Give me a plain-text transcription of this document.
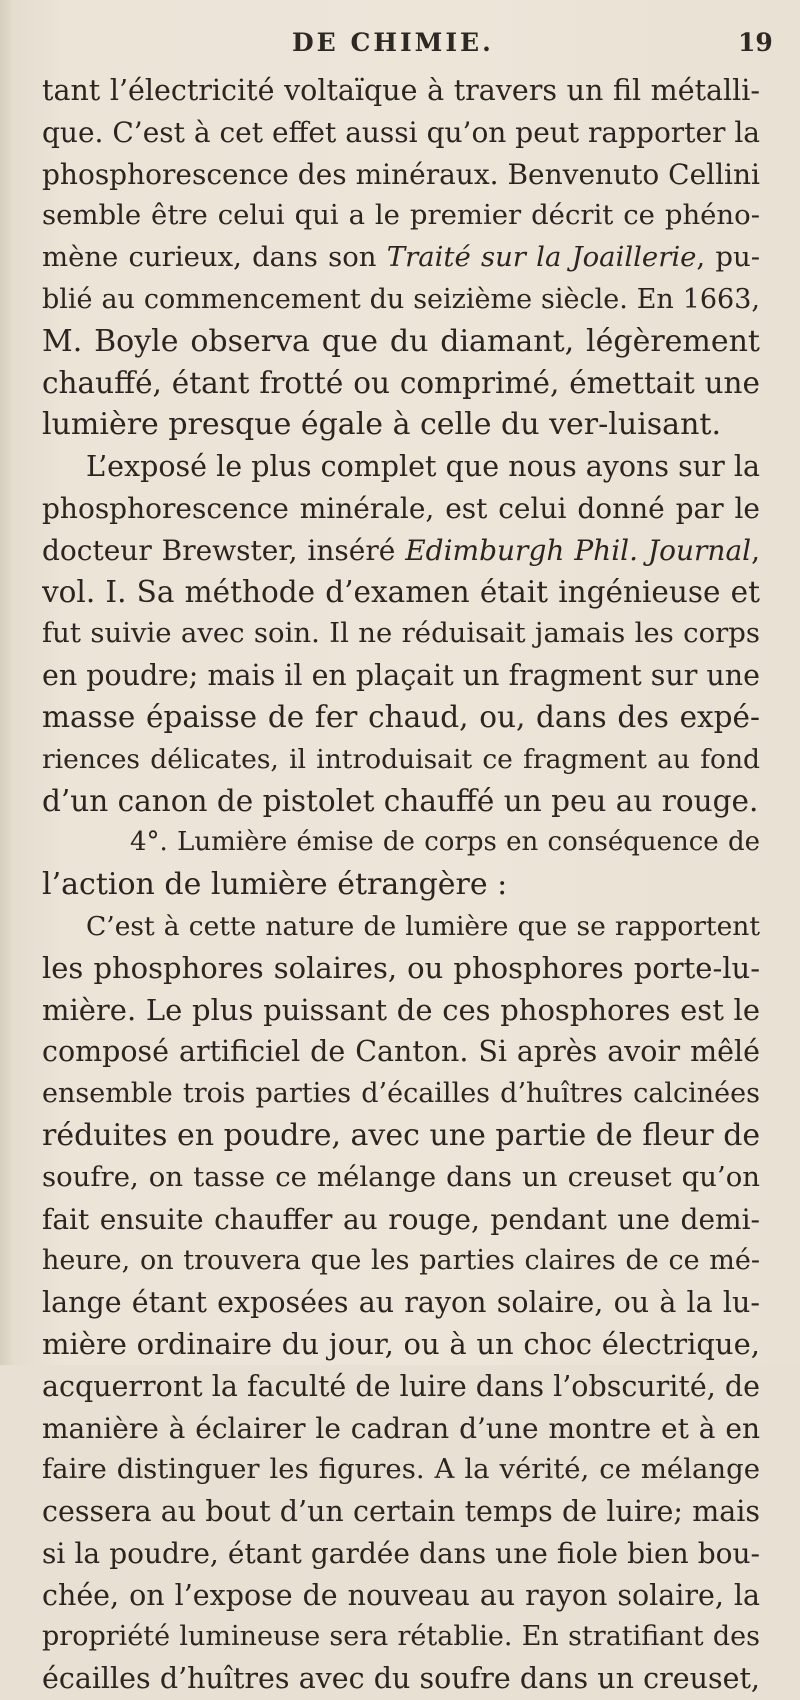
DE CHIMIE.	19
tant l’électricité voltaïque à travers un fil métalli-
que. C’est à cet effet aussi qu’on peut rapporter la
phosphorescence des minéraux. Benvenuto Cellini
semble être celui qui a le premier décrit ce phéno-
mène curieux, dans son Traité sur la Joaillerie, pu-
blié au commencement du seizième siècle. En 1663,
M. Boyle observa que du diamant, légèrement
chauffé, étant frotté ou comprimé, émettait une
lumière presque égale à celle du ver-luisant.
L’exposé le plus complet que nous ayons sur la
phosphorescence minérale, est celui donné par le
docteur Brewster, inséré Edimburgh Phil. Journal,
vol. I. Sa méthode d’examen était ingénieuse et
fut suivie avec soin. Il ne réduisait jamais les corps
en poudre; mais il en plaçait un fragment sur une
masse épaisse de fer chaud, ou, dans des expé-
riences délicates, il introduisait ce fragment au fond
d’un canon de pistolet chauffé un peu au rouge.
4°. Lumière émise de corps en conséquence de
l’action de lumière étrangère :
C’est à cette nature de lumière que se rapportent
les phosphores solaires, ou phosphores porte-lu-
mière. Le plus puissant de ces phosphores est le
composé artificiel de Canton. Si après avoir mêlé
ensemble trois parties d’écailles d’huîtres calcinées
réduites en poudre, avec une partie de fleur de
soufre, on tasse ce mélange dans un creuset qu’on
fait ensuite chauffer au rouge, pendant une demi-
heure, on trouvera que les parties claires de ce mé-
lange étant exposées au rayon solaire, ou à la lu-
mière ordinaire du jour, ou à un choc électrique,
acquerront la faculté de luire dans l’obscurité, de
manière à éclairer le cadran d’une montre et à en
faire distinguer les figures. A la vérité, ce mélange
cessera au bout d’un certain temps de luire; mais
si la poudre, étant gardée dans une fiole bien bou-
chée, on l’expose de nouveau au rayon solaire, la
propriété lumineuse sera rétablie. En stratifiant des
écailles d’huîtres avec du soufre dans un creuset,
